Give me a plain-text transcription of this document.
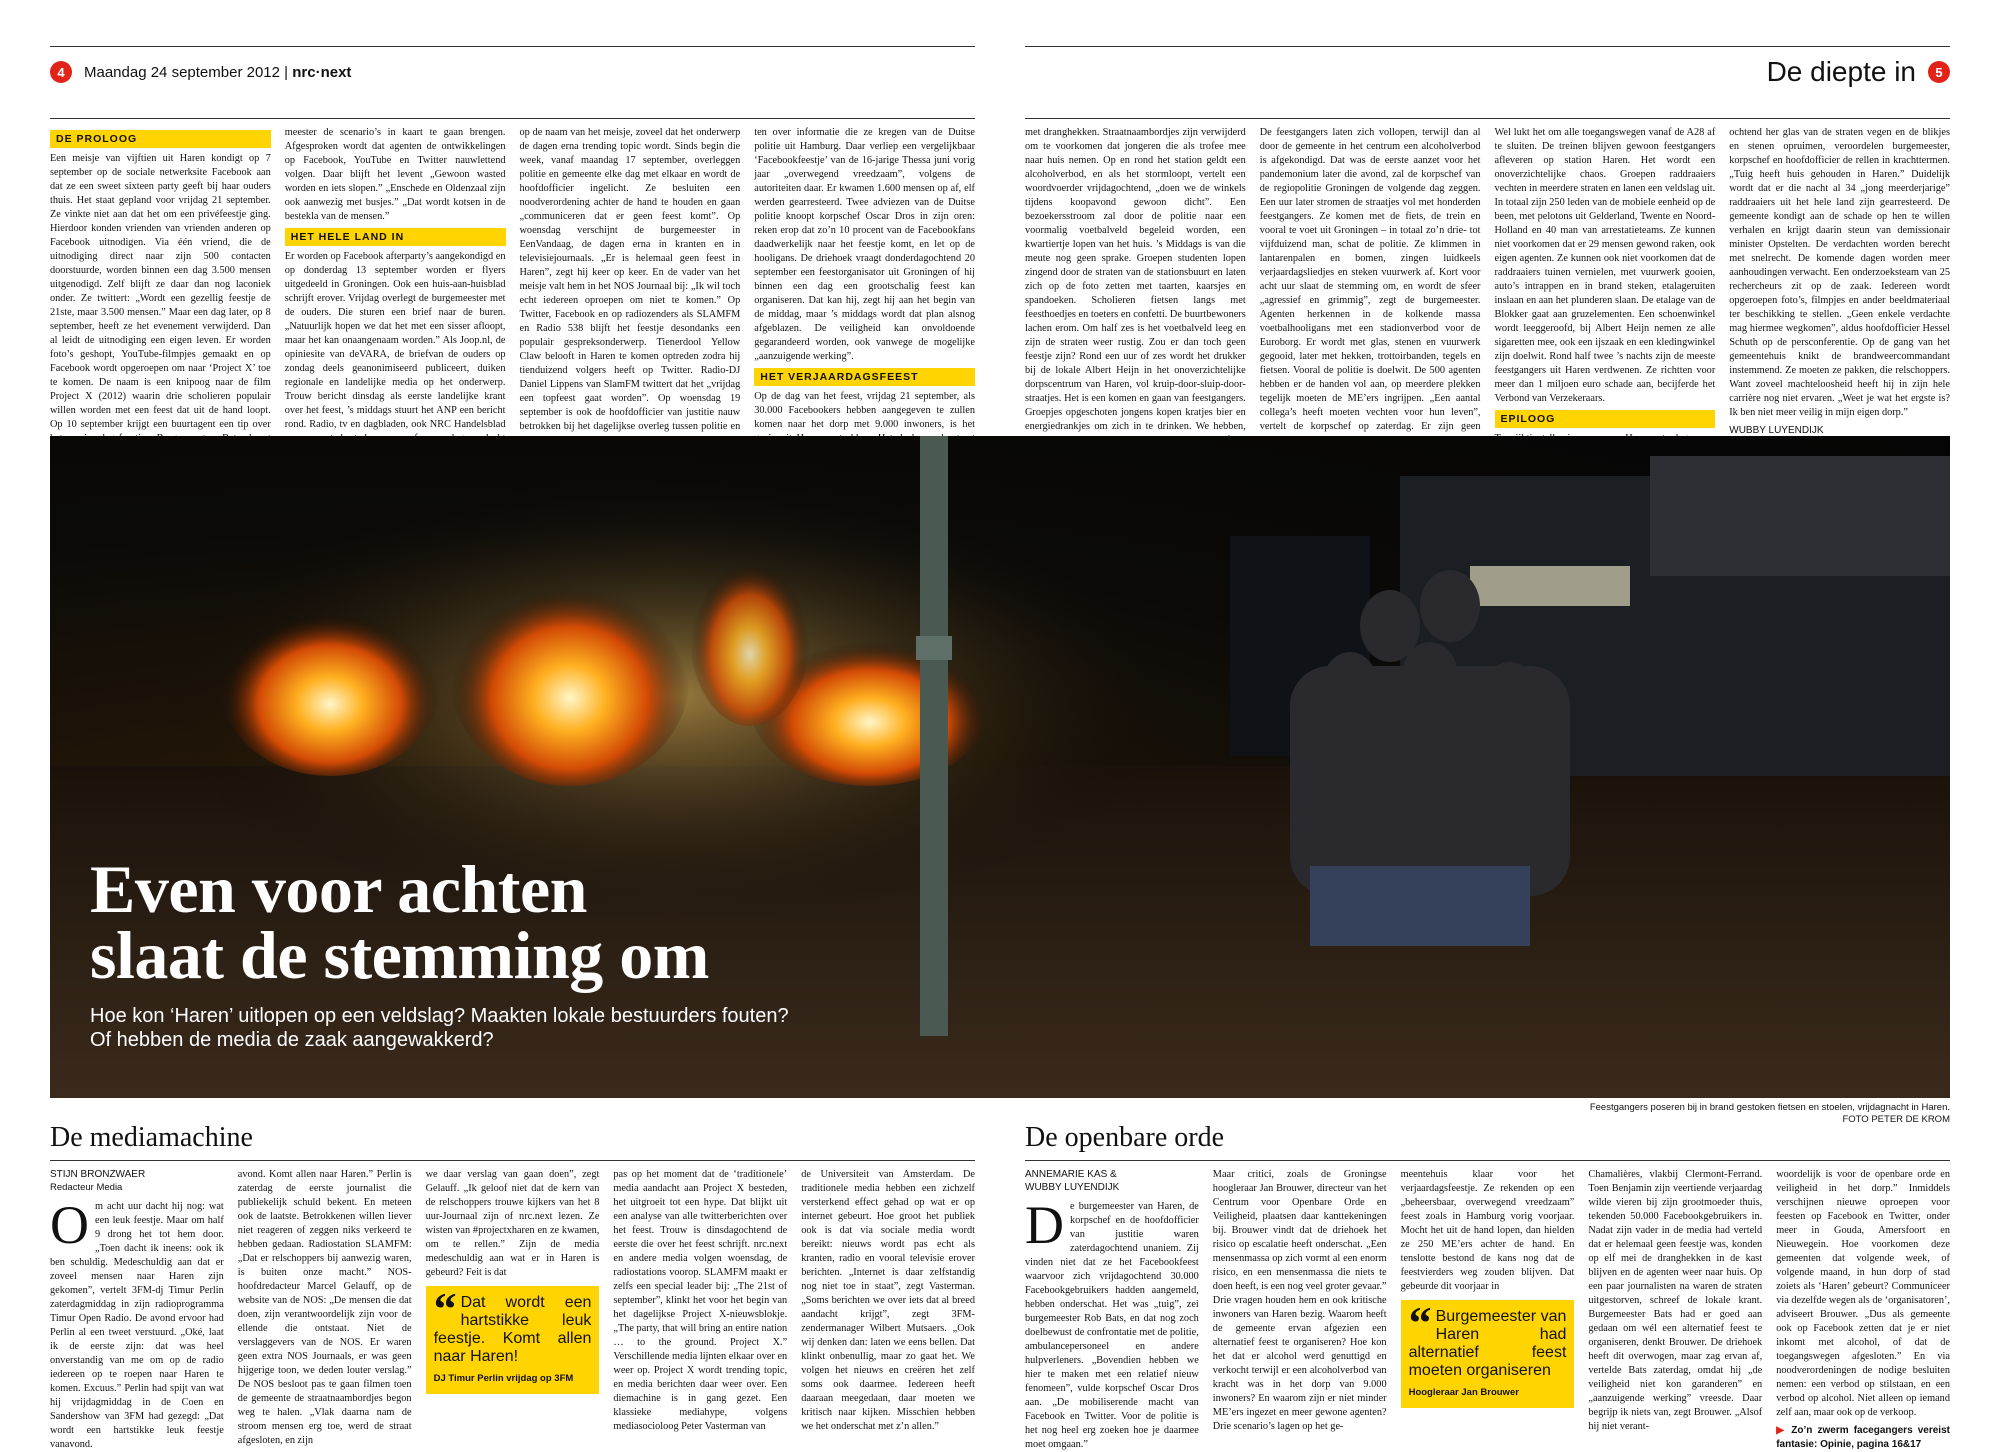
4	Maandag 24 september 2012 | nrc·next	De diepte in	5
DE PROLOOG

Een meisje van vijftien uit Haren kondigt op 7 september op de sociale netwerksite Facebook aan dat ze een sweet sixteen party geeft bij haar ouders thuis. Het staat gepland voor vrijdag 21 september. Ze vinkte niet aan dat het om een privéfeestje ging. Hierdoor konden vrienden van vrienden anderen op Facebook uitnodigen. Via één vriend, die de uitnodiging direct naar zijn 500 contacten doorstuurde, worden binnen een dag 3.500 mensen uitgenodigd. Zelf blijft ze daar dan nog laconiek onder. Ze twittert: „Wordt een gezellig feestje de 21ste, maar 3.500 mensen.” Maar een dag later, op 8 september, heeft ze het evenement verwijderd. Dan al leidt de uitnodiging een eigen leven. Er worden foto’s geshopt, YouTube-filmpjes gemaakt en op Facebook wordt opgeroepen om naar ‘Project X’ toe te komen. De naam is een knipoog naar de film Project X (2012) waarin drie scholieren populair willen worden met een feest dat uit de hand loopt. Op 10 september krijgt een buurtagent een tip over

meester de scenario’s in kaart te gaan brengen. Afgesproken wordt dat agenten de ontwikkelingen op Facebook, YouTube en Twitter nauwlettend volgen. Daar blijft het levent „Gewoon wasted worden en iets slopen.” „Enschede en Oldenzaal zijn ook aanwezig met busjes.” „Dat wordt kotsen in de bestekla van de mensen.”

HET HELE LAND IN

Er worden op Facebook afterparty’s aangekondigd en op donderdag 13 september worden er flyers uitgedeeld in Groningen. Ook een huis-aan-huisblad schrijft erover. Vrijdag overlegt de burgemeester met de ouders. Die sturen een brief naar de buren. „Natuurlijk hopen we dat het met een sisser afloopt, maar het kan onaangenaam worden.” Als Joop.nl, de opiniesite van deVARA, de briefvan de ouders op zondag deels geanonimiseerd publiceert, duiken regionale en landelijke media op het onderwerp. Trouw bericht dinsdag als eerste landelijke krant over het feest, ’s middags stuurt het ANP een bericht rond. Radio, tv en dagbladen, ook NRC Handelsblad

op de naam van het meisje, zoveel dat het onderwerp de dagen erna trending topic wordt. Sinds begin die week, vanaf maandag 17 september, overleggen politie en gemeente elke dag met elkaar en wordt de hoofdofficier ingelicht. Ze besluiten een noodverordening achter de hand te houden en gaan „communiceren dat er geen feest komt”. Op woensdag verschijnt de burgemeester in EenVandaag, de dagen erna in kranten en in televisiejournaals. „Er is helemaal geen feest in Haren”, zegt hij keer op keer. En de vader van het meisje valt hem in het NOS Journaal bij: „Ik wil toch echt iedereen oproepen om niet te komen.” Op Twitter, Facebook en op radiozenders als SLAMFM en Radio 538 blijft het feestje desondanks een populair gespreksonderwerp. Tienerdool Yellow Claw belooft in Haren te komen optreden zodra hij tienduizend volgers heeft op Twitter. Radio-DJ Daniel Lippens van SlamFM twittert dat het „vrijdag een topfeest gaat worden”. Op woensdag 19 september is ook de hoofdofficier van justitie nauw betrokken bij het dagelijkse overleg tussen politie en

ten over informatie die ze kregen van de Duitse politie uit Hamburg. Daar verliep een vergelijkbaar ‘Facebookfeestje’ van de 16-jarige Thessa juni vorig jaar „overwegend vreedzaam”, volgens de autoriteiten daar. Er kwamen 1.600 mensen op af, elf werden gearresteerd. Twee adviezen van de Duitse politie knoopt korpschef Oscar Dros in zijn oren: reken erop dat zo’n 10 procent van de Facebookfans daadwerkelijk naar het feestje komt, en let op de hooligans. De driehoek vraagt donderdagochtend 20 september een feestorganisator uit Groningen of hij binnen een dag een grootschalig feest kan organiseren. Dat kan hij, zegt hij aan het begin van de middag, maar ’s middags wordt dat plan alsnog afgeblazen. De veiligheid kan onvoldoende gegarandeerd worden, ook vanwege de mogelijke „aanzuigende werking”.

HET VERJAARDAGSFEEST

Op de dag van het feest, vrijdag 21 september, als 30.000 Facebookers hebben aangegeven te zullen komen naar het dorp met 9.000 inwoners, is het

met dranghekken. Straatnaambordjes zijn verwijderd om te voorkomen dat jongeren die als trofee mee naar huis nemen. Op en rond het station geldt een alcoholverbod, en als het stormloopt, vertelt een woordvoerder vrijdagochtend, „doen we de winkels tijdens koopavond gewoon dicht”. Een bezoekersstroom zal door de politie naar een voormalig voetbalveld begeleid worden, een kwartiertje lopen van het huis. ’s Middags is van die meute nog geen sprake. Groepen studenten lopen zingend door de straten van de stationsbuurt en laten zich op de foto zetten met taarten, kaarsjes en spandoeken. Scholieren fietsen langs met feesthoedjes en toeters en confetti. De buurtbewoners lachen erom. Om half zes is het voetbalveld leeg en zijn de straten weer rustig. Zou er dan toch geen feestje zijn? Rond een uur of zes wordt het drukker bij de lokale Albert Heijn in het onoverzichtelijke dorpscentrum van Haren, vol kruip-door-sluip-door-straatjes. Het is een komen en gaan van feestgangers. Groepjes opgeschoten jongens kopen kratjes bier en energiedrankjes om zich in te drinken. We hebben,

De feestgangers laten zich vollopen, terwijl dan al door de gemeente in het centrum een alcoholverbod is afgekondigd. Dat was de eerste aanzet voor het pandemonium later die avond, zal de korpschef van de regiopolitie Groningen de volgende dag zeggen. Een uur later stromen de straatjes vol met honderden feestgangers. Ze komen met de fiets, de trein en vooral te voet uit Groningen – in totaal zo’n drie- tot vijfduizend man, schat de politie. Ze klimmen in lantarenpalen en bomen, zingen luidkeels verjaardagsliedjes en steken vuurwerk af. Kort voor acht uur slaat de stemming om, en wordt de sfeer „agressief en grimmig”, zegt de burgemeester. Agenten herkennen in de kolkende massa voetbalhooligans met een stadionverbod voor de Euroborg. Er wordt met glas, stenen en vuurwerk gegooid, later met hekken, trottoirbanden, tegels en fietsen. Vooral de politie is doelwit. De 500 agenten hebben er de handen vol aan, op meerdere plekken tegelijk moeten de ME’ers ingrijpen. „Een aantal collega’s heeft moeten vechten voor hun leven”, vertelt de korpschef op zaterdag. Er zijn geen

Wel lukt het om alle toegangswegen vanaf de A28 af te sluiten. De treinen blijven gewoon feestgangers afleveren op station Haren. Het wordt een onoverzichtelijke chaos. Groepen raddraaiers vechten in meerdere straten en lanen een veldslag uit. In totaal zijn 250 leden van de mobiele eenheid op de been, met pelotons uit Gelderland, Twente en Noord-Holland en 40 man van arrestatieteams. Ze kunnen niet voorkomen dat er 29 mensen gewond raken, ook eigen agenten. Ze kunnen ook niet voorkomen dat de raddraaiers tuinen vernielen, met vuurwerk gooien, auto’s intrappen en in brand steken, etalageruiten inslaan en aan het plunderen slaan. De etalage van de Blokker gaat aan gruzelementen. Een schoenwinkel wordt leeggeroofd, bij Albert Heijn nemen ze alle sigaretten mee, ook een ijszaak en een kledingwinkel zijn doelwit. Rond half twee ’s nachts zijn de meeste feestgangers uit Haren verdwenen. Ze richtten voor meer dan 1 miljoen euro schade aan, becijferde het Verbond van Verzekeraars.

EPILOOG

ochtend her glas van de straten vegen en de blikjes en stenen opruimen, veroordelen burgemeester, korpschef en hoofdofficier de rellen in krachttermen. „Tuig heeft huis gehouden in Haren.” Duidelijk wordt dat er die nacht al 34 „jong meerderjarige” raddraaiers uit het hele land zijn gearresteerd. De gemeente kondigt aan de schade op hen te willen verhalen en krijgt daarin steun van demissionair minister Opstelten. De verdachten worden berecht met snelrecht. De komende dagen worden meer aanhoudingen verwacht. Een onderzoeksteam van 25 rechercheurs zit op de zaak. Iedereen wordt opgeroepen foto’s, filmpjes en ander beeldmateriaal ter beschikking te stellen. „Geen enkele verdachte mag hiermee wegkomen”, aldus hoofdofficier Hessel Schuth op de persconferentie. Op de gang van het gemeentehuis knikt de brandweercommandant instemmend. Ze moeten ze pakken, die relschoppers. Want zoveel machteloosheid heeft hij in zijn hele carrière nog niet ervaren. „Weet je wat het ergste is? Ik ben niet meer veilig in mijn eigen dorp.”

WUBBY LUYENDIJK
Even voor achten
slaat de stemming om
Hoe kon ‘Haren’ uitlopen op een veldslag? Maakten lokale bestuurders fouten?
Of hebben de media de zaak aangewakkerd?
Feestgangers poseren bij in brand gestoken fietsen en stoelen, vrijdagnacht in Haren.
FOTO PETER DE KROM
De mediamachine	De openbare orde
STIJN BRONZWAER
Redacteur Media

Om acht uur dacht hij nog: wat een leuk feestje. Maar om half 9 drong het tot hem door. „Toen dacht ik ineens: ook ik ben schuldig. Medeschuldig aan dat er zoveel mensen naar Haren zijn gekomen”, vertelt 3FM-dj Timur Perlin zaterdagmiddag in zijn radioprogramma Timur Open Radio. De avond ervoor had Perlin al een tweet verstuurd. „Oké, laat ik de eerste zijn: dat was heel onverstandig van me om op de radio iedereen op te roepen naar Haren te komen. Excuus.” Perlin had spijt van wat hij vrijdagmiddag in de Coen en Sandershow van 3FM had gezegd: „Dat wordt een hartstikke leuk feestje vanavond.

avond. Komt allen naar Haren.” Perlin is zaterdag de eerste journalist die publiekelijk schuld bekent. En meteen ook de laatste. Betrokkenen willen liever niet reageren of zeggen niks verkeerd te hebben gedaan. Radiostation SLAMFM: „Dat er relschoppers bij aanwezig waren, is buiten onze macht.” NOS-hoofdredacteur Marcel Gelauff, op de website van de NOS: „De mensen die dat doen, zijn verantwoordelijk zijn voor de ellende die ontstaat. Niet de verslaggevers van de NOS. Er waren geen extra NOS Journaals, er was geen hijgerige toon, we deden louter verslag.” De NOS besloot pas te gaan filmen toen de gemeente de straatnaambordjes begon weg te halen. „Vlak daarna nam de stroom mensen erg toe, werd de straat afgesloten, en zijn

we daar verslag van gaan doen”, zegt Gelauff. „Ik geloof niet dat de kern van de relschoppers trouwe kijkers van het 8 uur-Journaal zijn of nrc.next lezen. Ze wisten van #projectxharen en ze kwamen, om te rellen.” Zijn de media medeschuldig aan wat er in Haren is gebeurd? Feit is dat

“ Dat wordt een hartstikke leuk feestje. Komt allen naar Haren!
DJ Timur Perlin vrijdag op 3FM

pas op het moment dat de ‘traditionele’ media aandacht aan Project X besteden, het uitgroeit tot een hype. Dat blijkt uit een analyse van alle twitterberichten over het feest. Trouw is dinsdagochtend de eerste die over het feest schrijft. nrc.next en andere media volgen woensdag, de radiostations voorop. SLAMFM maakt er zelfs een special leader bij: „The 21st of september”, klinkt het voor het begin van het dagelijkse Project X-nieuwsblokje. „The party, that will bring an entire nation … to the ground. Project X.” Verschillende media lijnten elkaar over en weer op. Project X wordt trending topic, en media berichten daar weer over. Een diemachine is in gang gezet. Een klassieke mediahype, volgens mediasocioloog Peter Vasterman van

de Universiteit van Amsterdam. De traditionele media hebben een zichzelf versterkend effect gehad op wat er op internet gebeurt. Hoe groot het publiek ook is dat via sociale media wordt bereikt: nieuws wordt pas echt als kranten, radio en vooral televisie erover berichten. „Internet is daar zelfstandig nog niet toe in staat”, zegt Vasterman. „Soms berichten we over iets dat al breed aandacht krijgt”, zegt 3FM-zendermanager Wilbert Mutsaers. „Ook wij denken dan: laten we eens bellen. Dat klinkt onbenullig, maar zo gaat het. We volgen het nieuws en creëren het zelf soms ook daarmee. Iedereen heeft daaraan meegedaan, daar moeten we kritisch naar kijken. Misschien hebben we het onderschat met z’n allen.”

ANNEMARIE KAS &
WUBBY LUYENDIJK

De burgemeester van Haren, de korpschef en de hoofdofficier van justitie waren zaterdagochtend unaniem. Zij vinden niet dat ze het Facebookfeest waarvoor zich vrijdagochtend 30.000 Facebookgebruikers hadden aangemeld, hebben onderschat. Het was „tuig”, zei burgemeester Rob Bats, en dat nog zoch doelbewust de confrontatie met de politie, ambulancepersoneel en andere hulpverleners. „Bovendien hebben we hier te maken met een relatief nieuw fenomeen”, vulde korpschef Oscar Dros aan. „De mobiliserende macht van Facebook en Twitter. Voor de politie is het nog heel erg zoeken hoe je daarmee moet omgaan.”

Maar critici, zoals de Groningse hoogleraar Jan Brouwer, directeur van het Centrum voor Openbare Orde en Veiligheid, plaatsen daar kanttekeningen bij. Brouwer vindt dat de driehoek het risico op escalatie heeft onderschat. „Een mensenmassa op zich vormt al een enorm risico, en een mensenmassa die niets te doen heeft, is een nog veel groter gevaar.” Drie vragen houden hem en ook kritische inwoners van Haren bezig. Waarom heeft de gemeente ervan afgezien een alternatief feest te organiseren? Hoe kon het dat er alcohol werd genuttigd en verkocht terwijl er een alcoholverbod van kracht was in het dorp van 9.000 inwoners? En waarom zijn er niet minder ME’ers ingezet en meer gewone agenten? Drie scenario’s lagen op het ge-

meentehuis klaar voor het verjaardagsfeestje. Ze rekenden op een „beheersbaar, overwegend vreedzaam” feest zoals in Hamburg vorig voorjaar. Mocht het uit de hand lopen, dan hielden ze 250 ME’ers achter de hand. En tenslotte bestond de kans nog dat de feestvierders weg zouden blijven. Dat gebeurde dit voorjaar in

“ Burgemeester van Haren had alternatief feest moeten organiseren
Hoogleraar Jan Brouwer

Chamalières, vlakbij Clermont-Ferrand. Toen Benjamin zijn veertiende verjaardag wilde vieren bij zijn grootmoeder thuis, tekenden 50.000 Facebookgebruikers in. Nadat zijn vader in de media had verteld dat er helemaal geen feestje was, konden op elf mei de dranghekken in de kast blijven en de agenten weer naar huis. Op een paar journalisten na waren de straten uitgestorven, schreef de lokale krant. Burgemeester Bats had er goed aan gedaan om wél een alternatief feest te organiseren, denkt Brouwer. De driehoek heeft dit overwogen, maar zag ervan af, vertelde Bats zaterdag, omdat hij „de veiligheid niet kon garanderen” en „aanzuigende werking” vreesde. Daar begrijp ik niets van, zegt Brouwer. „Alsof hij niet verant-

woordelijk is voor de openbare orde en veiligheid in het dorp.” Inmiddels verschijnen nieuwe oproepen voor feesten op Facebook en Twitter, onder meer in Gouda, Amersfoort en Nieuwegein. Hoe voorkomen deze gemeenten dat volgende week, of volgende maand, in hun dorp of stad zoiets als ‘Haren’ gebeurt? Communiceer via dezelfde wegen als de ‘organisatoren’, adviseert Brouwer. „Dus als gemeente ook op Facebook zetten dat je er niet inkomt met alcohol, of dat de toegangswegen afgesloten.” En via noodverordeningen de nodige besluiten nemen: een verbod op stilstaan, en een verbod op alcohol. Niet alleen op iemand zelf aan, maar ook op de verkoop.

▶ Zo’n zwerm facegangers vereist fantasie: Opinie, pagina 16&17
